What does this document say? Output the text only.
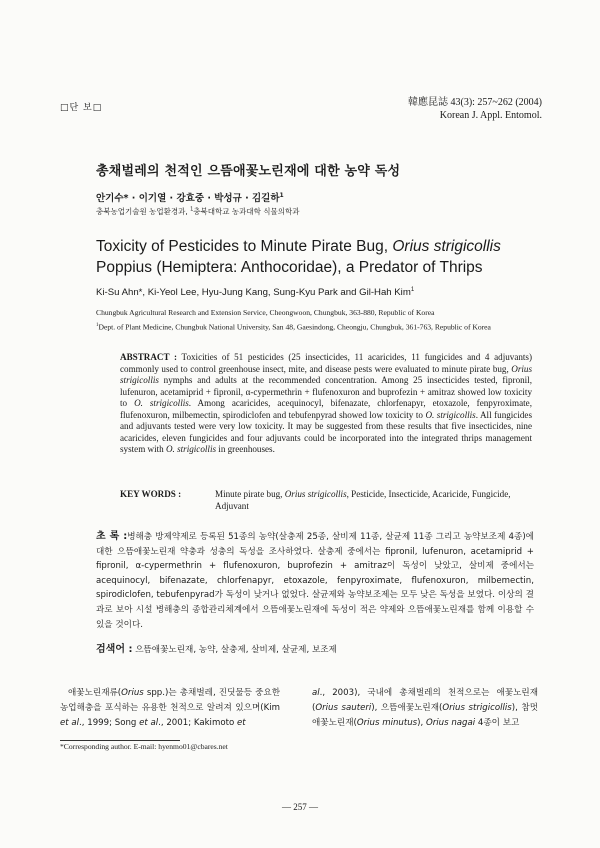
□단 보□	韓應昆誌 43(3): 257~262 (2004)
Korean J. Appl. Entomol.
총채벌레의 천적인 으뜸애꽃노린재에 대한 농약 독성
안기수* · 이기열 · 강효중 · 박성규 · 김길하$^1$
충북농업기술원 농업환경과, $^1$충북대학교 농과대학 식물의학과
Toxicity of Pesticides to Minute Pirate Bug, Orius strigicollis Poppius (Hemiptera: Anthocoridae), a Predator of Thrips
Ki-Su Ahn*, Ki-Yeol Lee, Hyu-Jung Kang, Sung-Kyu Park and Gil-Hah Kim$^1$
Chungbuk Agricultural Research and Extension Service, Cheongwoon, Chungbuk, 363-880, Republic of Korea
$^1$Dept. of Plant Medicine, Chungbuk National University, San 48, Gaesindong, Cheongju, Chungbuk, 361-763, Republic of Korea
ABSTRACT : Toxicities of 51 pesticides (25 insecticides, 11 acaricides, 11 fungicides and 4 adjuvants) commonly used to control greenhouse insect, mite, and disease pests were evaluated to minute pirate bug, Orius strigicollis nymphs and adults at the recommended concentration. Among 25 insecticides tested, fipronil, lufenuron, acetamiprid + fipronil, α-cypermethrin + flufenoxuron and buprofezin + amitraz showed low toxicity to O. strigicollis. Among acaricides, acequinocyl, bifenazate, chlorfenapyr, etoxazole, fenpyroximate, flufenoxuron, milbemectin, spirodiclofen and tebufenpyrad showed low toxicity to O. strigicollis. All fungicides and adjuvants tested were very low toxicity. It may be suggested from these results that five insecticides, nine acaricides, eleven fungicides and four adjuvants could be incorporated into the integrated thrips management system with O. strigicollis in greenhouses.
KEY WORDS :	Minute pirate bug, Orius strigicollis, Pesticide, Insecticide, Acaricide, Fungicide, Adjuvant
초 록 :병해충 방제약제로 등록된 51종의 농약(살충제 25종, 살비제 11종, 살균제 11종 그리고 농약보조제 4종)에 대한 으뜸애꽃노린재 약충과 성충의 독성을 조사하였다. 살충제 중에서는 fipronil, lufenuron, acetamiprid + fipronil, α-cypermethrin + flufenoxuron, buprofezin + amitraz이 독성이 낮았고, 살비제 중에서는 acequinocyl, bifenazate, chlorfenapyr, etoxazole, fenpyroximate, flufenoxuron, milbemectin, spirodiclofen, tebufenpyrad가 독성이 낮거나 없었다. 살균제와 농약보조제는 모두 낮은 독성을 보였다. 이상의 결과로 보아 시설 병해충의 종합관리체계에서 으뜸애꽃노린재에 독성이 적은 약제와 으뜸애꽃노린재를 함께 이용할 수 있을 것이다.
검색어 : 으뜸애꽃노린재, 농약, 살충제, 살비제, 살균제, 보조제
애꽃노린재류(Orius spp.)는 총채벌레, 진딧물등 중요한 농업해충을 포식하는 유용한 천적으로 알려져 있으며(Kim et al., 1999; Song et al., 2001; Kakimoto et
al., 2003), 국내에 총채벌레의 천적으로는 애꽃노린재(Orius sauteri), 으뜸애꽃노린재(Orius strigicollis), 참멋애꽃노린재(Orius minutus), Orius nagai 4종이 보고
*Corresponding author. E-mail: hyenmo01@cbares.net
— 257 —
